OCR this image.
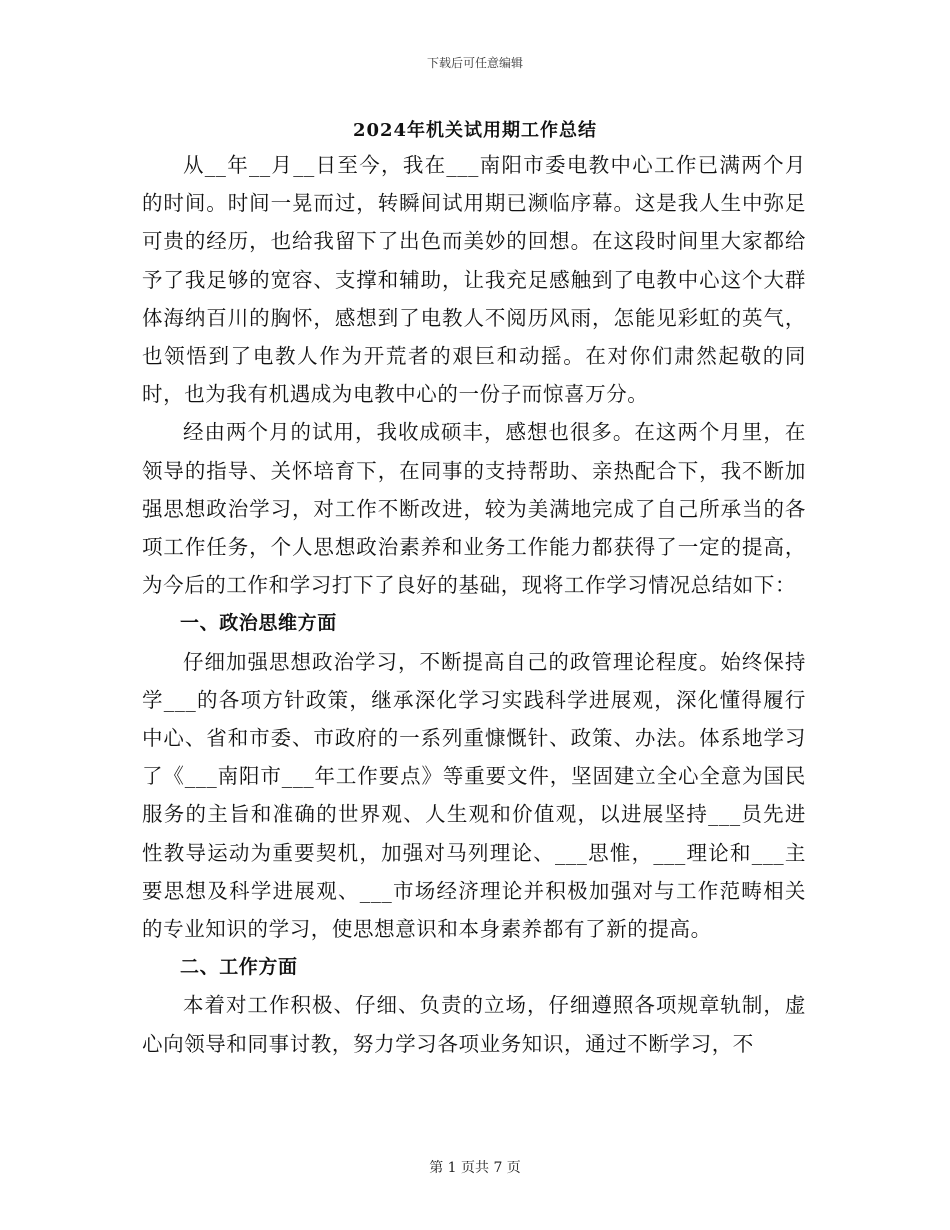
下载后可任意编辑
2024年机关试用期工作总结

从__年__月__日至今，我在___南阳市委电教中心工作已满两个月的时间。时间一晃而过，转瞬间试用期已濒临序幕。这是我人生中弥足可贵的经历，也给我留下了出色而美妙的回想。在这段时间里大家都给予了我足够的宽容、支撑和辅助，让我充足感触到了电教中心这个大群体海纳百川的胸怀，感想到了电教人不阅历风雨，怎能见彩虹的英气，也领悟到了电教人作为开荒者的艰巨和动摇。在对你们肃然起敬的同时，也为我有机遇成为电教中心的一份子而惊喜万分。

经由两个月的试用，我收成硕丰，感想也很多。在这两个月里，在领导的指导、关怀培育下，在同事的支持帮助、亲热配合下，我不断加强思想政治学习，对工作不断改进，较为美满地完成了自己所承当的各项工作任务，个人思想政治素养和业务工作能力都获得了一定的提高，为今后的工作和学习打下了良好的基础，现将工作学习情况总结如下：

一、政治思维方面

仔细加强思想政治学习，不断提高自己的政管理论程度。始终保持学___的各项方针政策，继承深化学习实践科学进展观，深化懂得履行中心、省和市委、市政府的一系列重慷慨针、政策、办法。体系地学习了《___南阳市___年工作要点》等重要文件，坚固建立全心全意为国民服务的主旨和准确的世界观、人生观和价值观，以进展坚持___员先进性教导运动为重要契机，加强对马列理论、___思惟，___理论和___主要思想及科学进展观、___市场经济理论并积极加强对与工作范畴相关的专业知识的学习，使思想意识和本身素养都有了新的提高。

二、工作方面

本着对工作积极、仔细、负责的立场，仔细遵照各项规章轨制，虚心向领导和同事讨教，努力学习各项业务知识，通过不断学习，不

第 1 页共 7 页
